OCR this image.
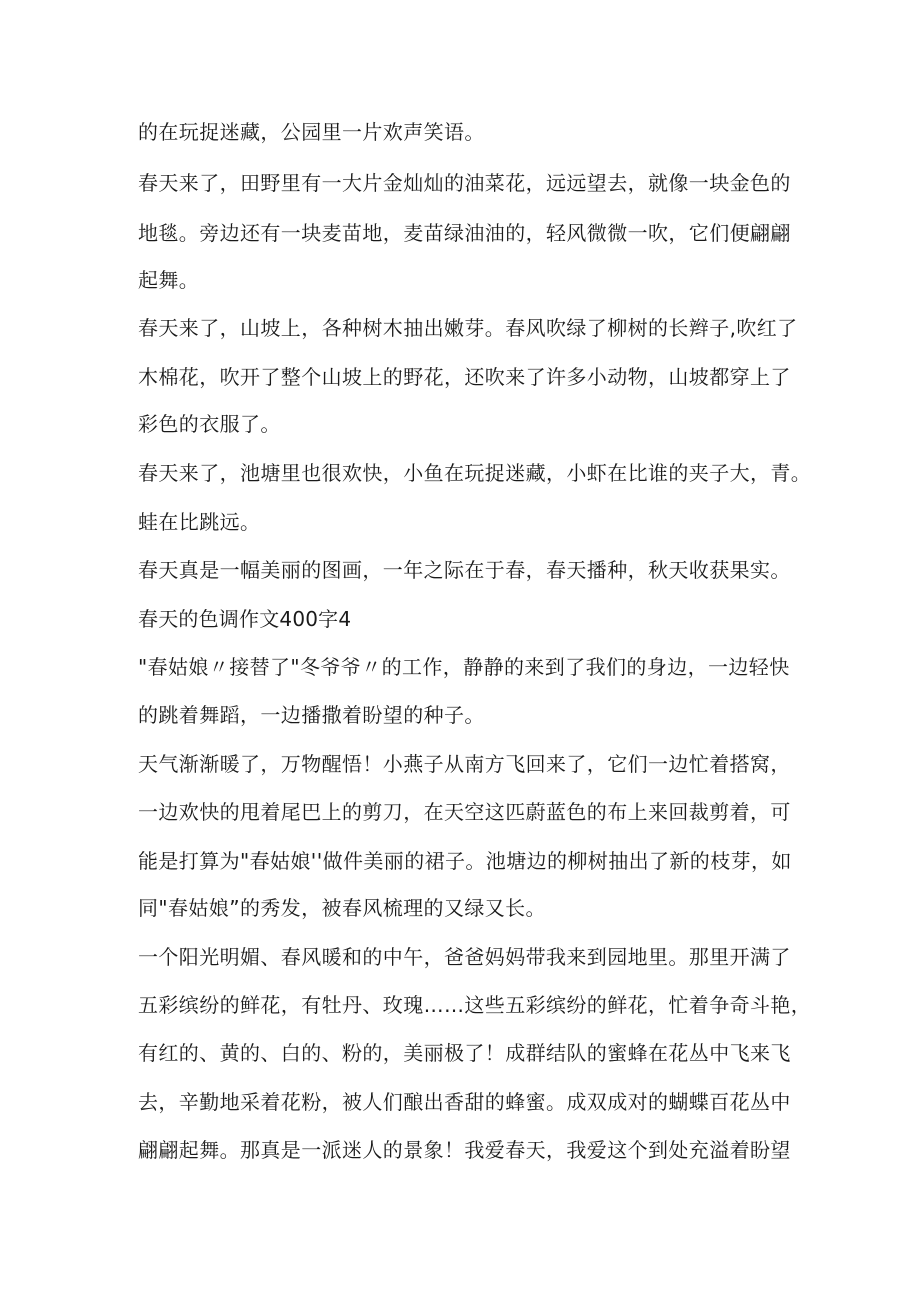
的在玩捉迷藏，公园里一片欢声笑语。

春天来了，田野里有一大片金灿灿的油菜花，远远望去，就像一块金色的

地毯。旁边还有一块麦苗地，麦苗绿油油的，轻风微微一吹，它们便翩翩

起舞。

春天来了，山坡上，各种树木抽出嫩芽。春风吹绿了柳树的长辫子,吹红了

木棉花，吹开了整个山坡上的野花，还吹来了许多小动物，山坡都穿上了

彩色的衣服了。

春天来了，池塘里也很欢快，小鱼在玩捉迷藏，小虾在比谁的夹子大，青。

蛙在比跳远。

春天真是一幅美丽的图画，一年之际在于春，春天播种，秋天收获果实。

春天的色调作文400字4

"春姑娘〃接替了"冬爷爷〃的工作，静静的来到了我们的身边，一边轻快

的跳着舞蹈，一边播撒着盼望的种子。

天气渐渐暖了，万物醒悟！小燕子从南方飞回来了，它们一边忙着搭窝，

一边欢快的甩着尾巴上的剪刀，在天空这匹蔚蓝色的布上来回裁剪着，可

能是打算为"春姑娘''做件美丽的裙子。池塘边的柳树抽出了新的枝芽，如

同"春姑娘”的秀发，被春风梳理的又绿又长。

一个阳光明媚、春风暖和的中午，爸爸妈妈带我来到园地里。那里开满了

五彩缤纷的鲜花，有牡丹、玫瑰……这些五彩缤纷的鲜花，忙着争奇斗艳，

有红的、黄的、白的、粉的，美丽极了！成群结队的蜜蜂在花丛中飞来飞

去，辛勤地采着花粉，被人们酿出香甜的蜂蜜。成双成对的蝴蝶百花丛中

翩翩起舞。那真是一派迷人的景象！我爱春天，我爱这个到处充溢着盼望
